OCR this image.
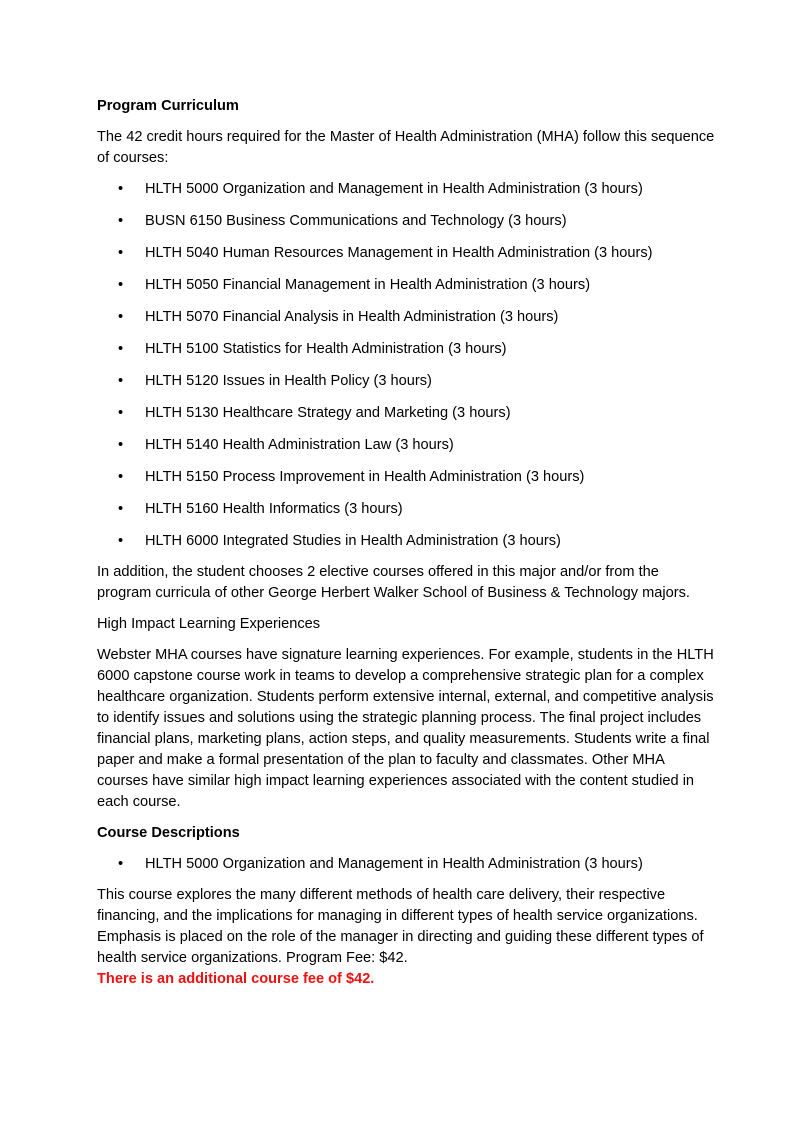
Program Curriculum

The 42 credit hours required for the Master of Health Administration (MHA) follow this sequence of courses:

• HLTH 5000 Organization and Management in Health Administration (3 hours)
• BUSN 6150 Business Communications and Technology (3 hours)
• HLTH 5040 Human Resources Management in Health Administration (3 hours)
• HLTH 5050 Financial Management in Health Administration (3 hours)
• HLTH 5070 Financial Analysis in Health Administration (3 hours)
• HLTH 5100 Statistics for Health Administration (3 hours)
• HLTH 5120 Issues in Health Policy (3 hours)
• HLTH 5130 Healthcare Strategy and Marketing (3 hours)
• HLTH 5140 Health Administration Law (3 hours)
• HLTH 5150 Process Improvement in Health Administration (3 hours)
• HLTH 5160 Health Informatics (3 hours)
• HLTH 6000 Integrated Studies in Health Administration (3 hours)

In addition, the student chooses 2 elective courses offered in this major and/or from the program curricula of other George Herbert Walker School of Business & Technology majors.

High Impact Learning Experiences

Webster MHA courses have signature learning experiences. For example, students in the HLTH 6000 capstone course work in teams to develop a comprehensive strategic plan for a complex healthcare organization. Students perform extensive internal, external, and competitive analysis to identify issues and solutions using the strategic planning process. The final project includes financial plans, marketing plans, action steps, and quality measurements. Students write a final paper and make a formal presentation of the plan to faculty and classmates. Other MHA courses have similar high impact learning experiences associated with the content studied in each course.

Course Descriptions

• HLTH 5000 Organization and Management in Health Administration (3 hours)

This course explores the many different methods of health care delivery, their respective financing, and the implications for managing in different types of health service organizations. Emphasis is placed on the role of the manager in directing and guiding these different types of health service organizations. Program Fee: $42.

There is an additional course fee of $42.
